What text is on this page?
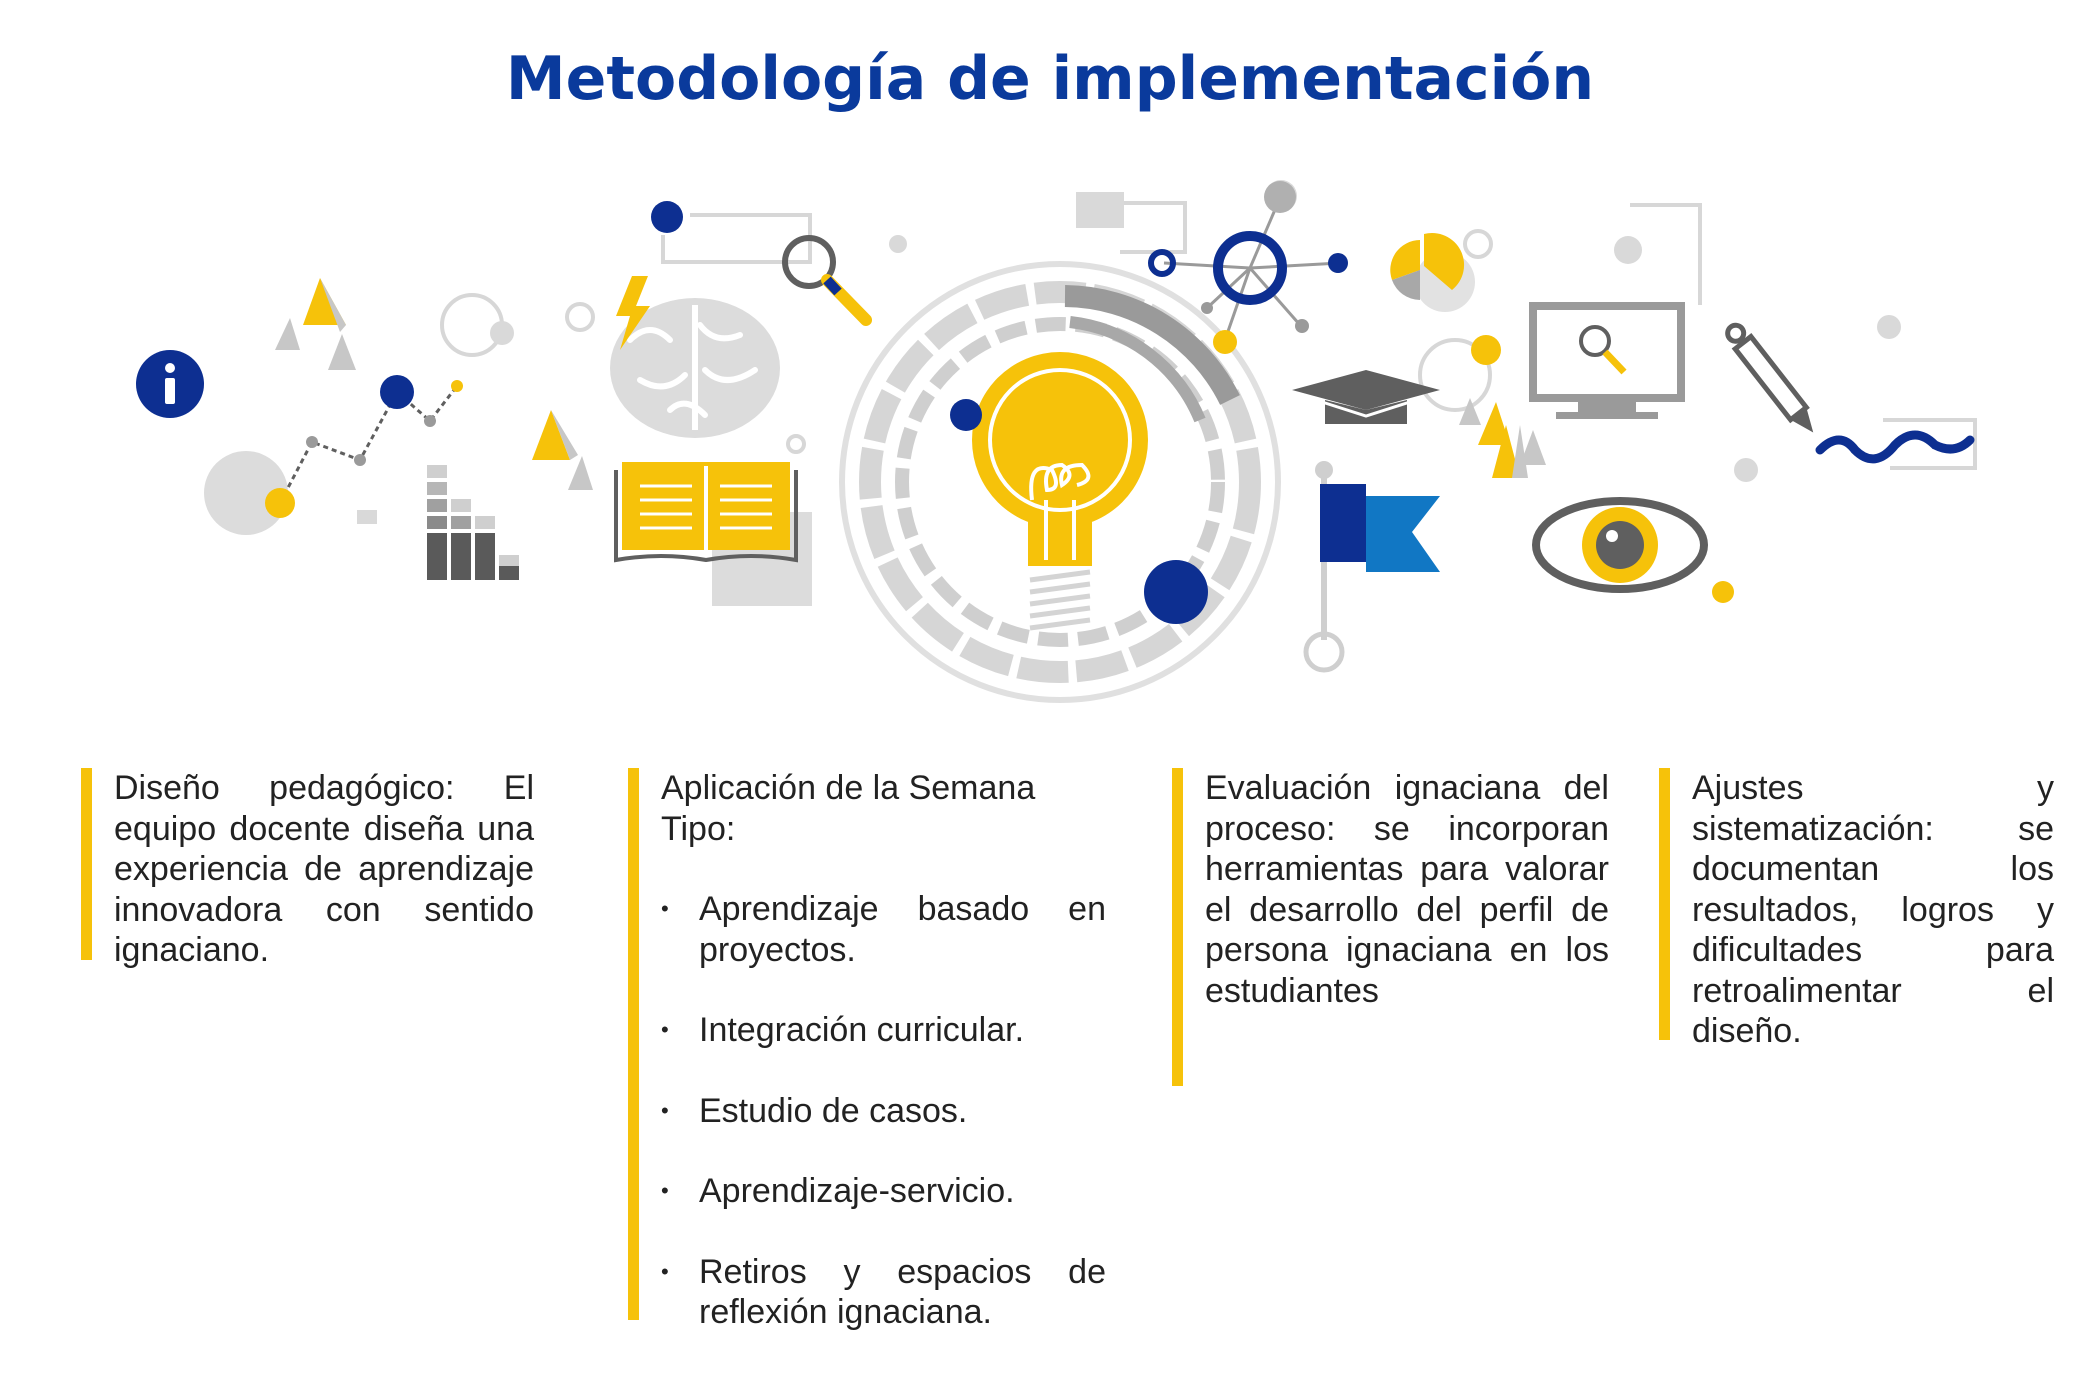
Metodología de implementación

Diseño pedagógico: El equipo docente diseña una experiencia de aprendizaje innovadora con sentido ignaciano.

Aplicación de la Semana Tipo:

• Aprendizaje basado en proyectos.
• Integración curricular.
• Estudio de casos.
• Aprendizaje-servicio.
• Retiros y espacios de reflexión ignaciana.

Evaluación ignaciana del proceso: se incorporan herramientas para valorar el desarrollo del perfil de persona ignaciana en los estudiantes

Ajustes y sistematización: se documentan los resultados, logros y dificultades para retroalimentar el diseño.
